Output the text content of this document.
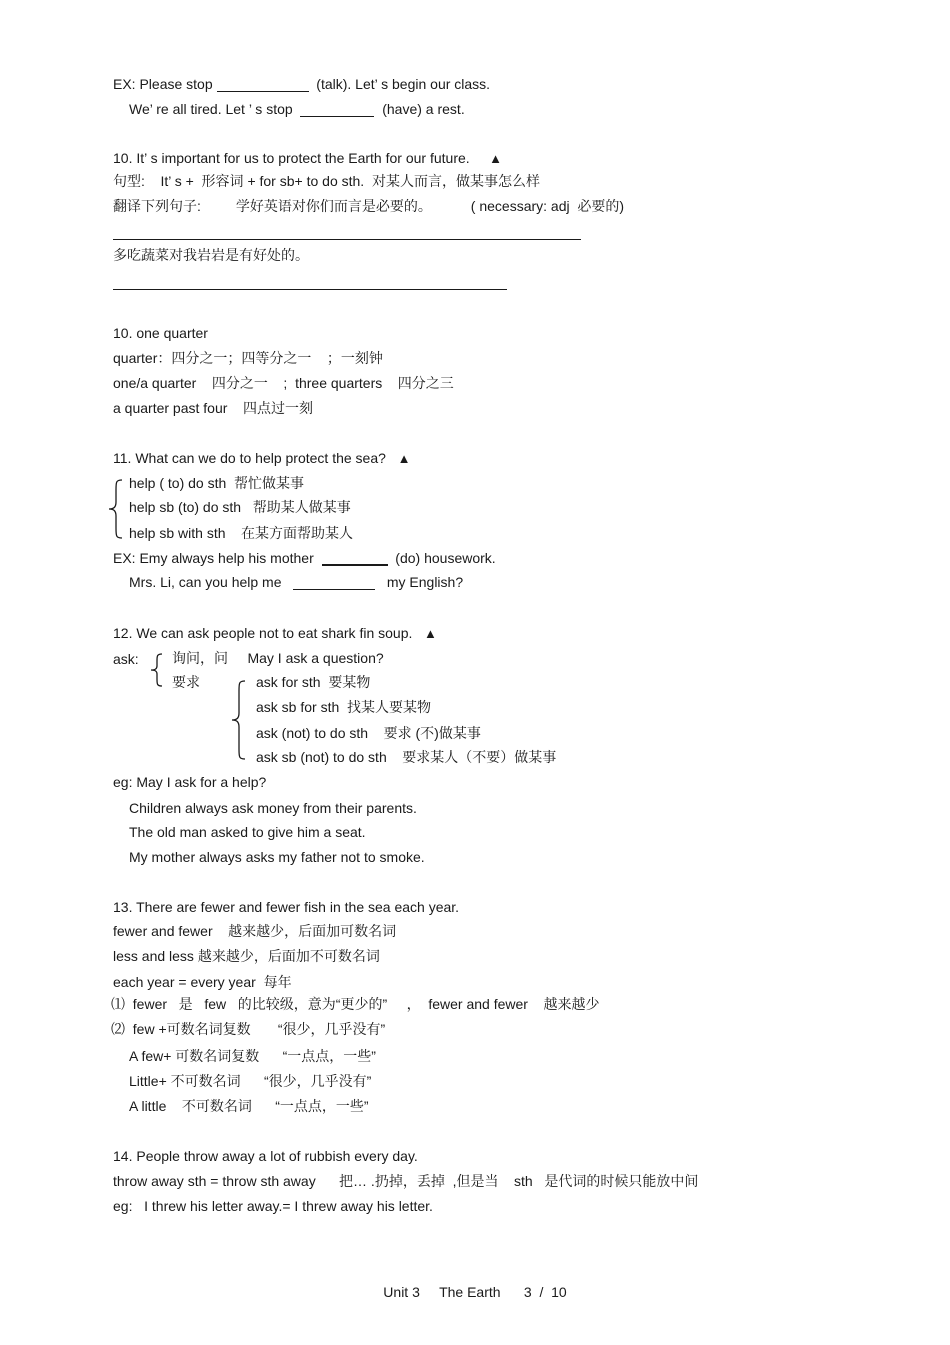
EX: Please stop	(talk). Let’ s begin our class.
We’ re all tired. Let ’ s stop	(have) a rest.
10. It’ s important for us to protect the Earth for our future. ▲
句型:    It’ s +  形容词 + for sb+ to do sth.  对某人而言，做某事怎么样
翻译下列句子:         学好英语对你们而言是必要的。          ( necessary: adj  必要的)
多吃蔬菜对我岩岩是有好处的。
10. one quarter
quarter：四分之一；四等分之一    ；一刻钟
one/a quarter    四分之一    ;  three quarters    四分之三
a quarter past four    四点过一刻
11. What can we do to help protect the sea? ▲
help ( to) do sth  帮忙做某事
help sb (to) do sth   帮助某人做某事
help sb with sth    在某方面帮助某人
EX: Emy always help his mother	(do) housework.
Mrs. Li, can you help me	my English?
12. We can ask people not to eat shark fin soup. ▲
ask: 询问，问 May I ask a question?
要求	ask for sth  要某物
ask sb for sth  找某人要某物
ask (not) to do sth    要求 (不)做某事
ask sb (not) to do sth    要求某人（不要）做某事
eg: May I ask for a help?
Children always ask money from their parents.
The old man asked to give him a seat.
My mother always asks my father not to smoke.
13. There are fewer and fewer fish in the sea each year.
fewer and fewer    越来越少，后面加可数名词
less and less 越来越少，后面加不可数名词
each year = every year  每年
⑴  fewer   是   few   的比较级，意为“更少的”     ，  fewer and fewer    越来越少
⑵  few +可数名词复数       “很少，几乎没有”
A few+ 可数名词复数      “一点点，一些”
Little+ 不可数名词      “很少，几乎没有”
A little    不可数名词      “一点点，一些”
14. People throw away a lot of rubbish every day.
throw away sth = throw sth away      把… .扔掉，丢掉  ,但是当    sth   是代词的时候只能放中间
eg:   I threw his letter away.= I threw away his letter.
Unit 3     The Earth      3  /  10
